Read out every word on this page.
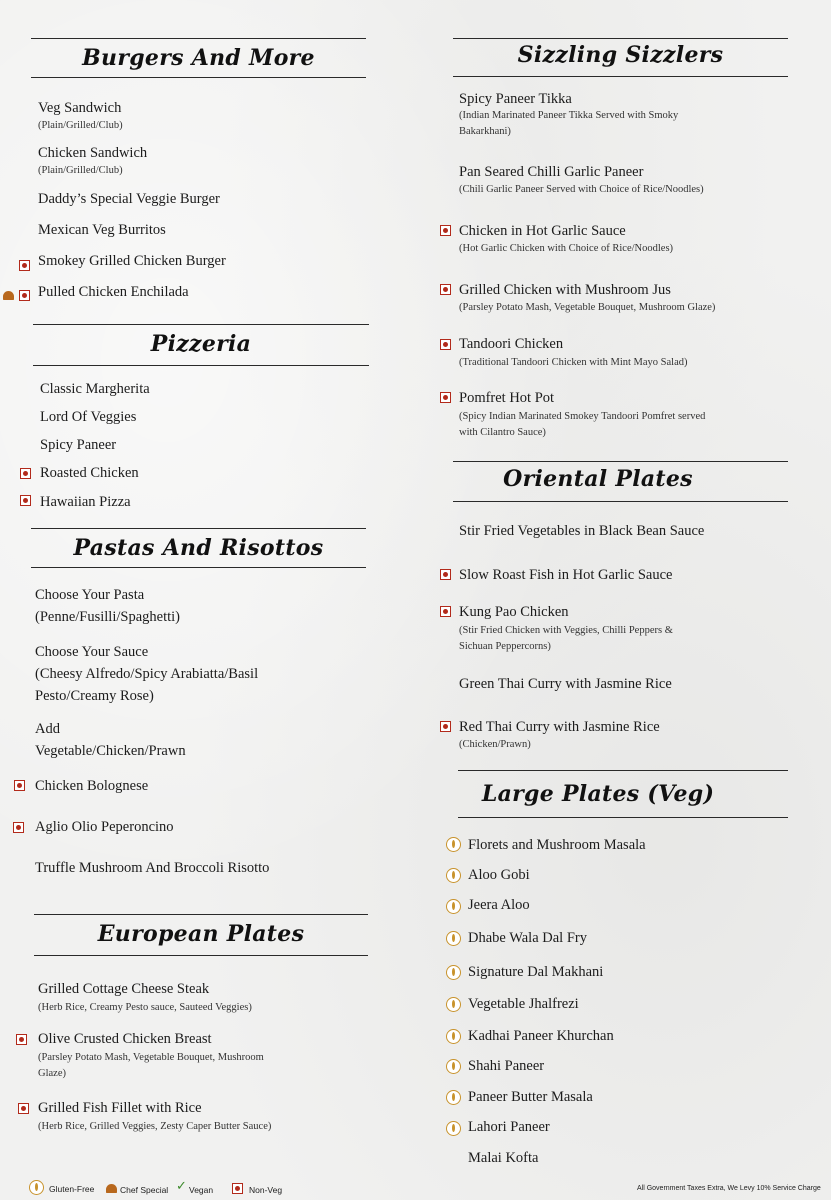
Burgers And More
Veg Sandwich
(Plain/Grilled/Club)
Chicken Sandwich
(Plain/Grilled/Club)
Daddy’s Special Veggie Burger
Mexican Veg Burritos
Smokey Grilled Chicken Burger
Pulled Chicken Enchilada
Pizzeria
Classic Margherita
Lord Of Veggies
Spicy Paneer
Roasted Chicken
Hawaiian Pizza
Pastas And Risottos
Choose Your Pasta
(Penne/Fusilli/Spaghetti)
Choose Your Sauce
(Cheesy Alfredo/Spicy Arabiatta/Basil Pesto/Creamy Rose)
Add
Vegetable/Chicken/Prawn
Chicken Bolognese
Aglio Olio Peperoncino
Truffle Mushroom And Broccoli Risotto
European Plates
Grilled Cottage Cheese Steak
(Herb Rice, Creamy Pesto sauce, Sauteed Veggies)
Olive Crusted Chicken Breast
(Parsley Potato Mash, Vegetable Bouquet, Mushroom Glaze)
Grilled Fish Fillet with Rice
(Herb Rice, Grilled Veggies, Zesty Caper Butter Sauce)
Sizzling Sizzlers
Spicy Paneer Tikka
(Indian Marinated Paneer Tikka Served with Smoky Bakarkhani)
Pan Seared Chilli Garlic Paneer
(Chili Garlic Paneer Served with Choice of Rice/Noodles)
Chicken in Hot Garlic Sauce
(Hot Garlic Chicken with Choice of Rice/Noodles)
Grilled Chicken with Mushroom Jus
(Parsley Potato Mash, Vegetable Bouquet, Mushroom Glaze)
Tandoori Chicken
(Traditional Tandoori Chicken with Mint Mayo Salad)
Pomfret Hot Pot
(Spicy Indian Marinated Smokey Tandoori Pomfret served with Cilantro Sauce)
Oriental Plates
Stir Fried Vegetables in Black Bean Sauce
Slow Roast Fish in Hot Garlic Sauce
Kung Pao Chicken
(Stir Fried Chicken with Veggies, Chilli Peppers & Sichuan Peppercorns)
Green Thai Curry with Jasmine Rice
Red Thai Curry with Jasmine Rice
(Chicken/Prawn)
Large Plates (Veg)
Florets and Mushroom Masala
Aloo Gobi
Jeera Aloo
Dhabe Wala Dal Fry
Signature Dal Makhani
Vegetable Jhalfrezi
Kadhai Paneer Khurchan
Shahi Paneer
Paneer Butter Masala
Lahori Paneer
Malai Kofta
Gluten-Free	Chef Special ✓ Vegan	Non-Veg	All Government Taxes Extra, We Levy 10% Service Charge
